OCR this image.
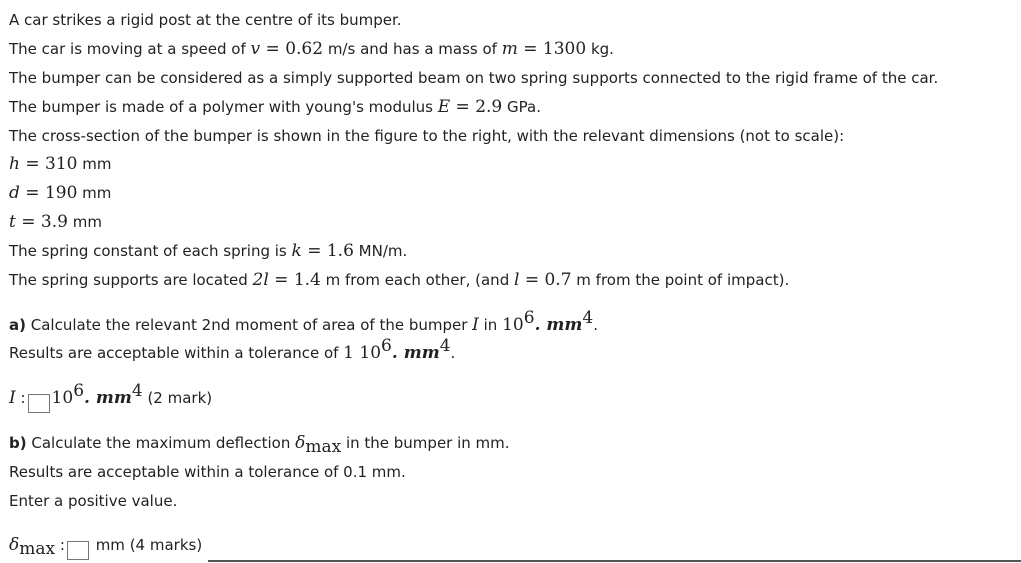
A car strikes a rigid post at the centre of its bumper.
The car is moving at a speed of v = 0.62 m/s and has a mass of m = 1300 kg.
The bumper can be considered as a simply supported beam on two spring supports connected to the rigid frame of the car.
The bumper is made of a polymer with young's modulus E = 2.9 GPa.
The cross-section of the bumper is shown in the figure to the right, with the relevant dimensions (not to scale):
h = 310 mm
d = 190 mm
t = 3.9 mm
The spring constant of each spring is k = 1.6 MN/m.
The spring supports are located 2l = 1.4 m from each other, (and l = 0.7 m from the point of impact).
a) Calculate the relevant 2nd moment of area of the bumper I in $10^6$. $mm^4$.
Results are acceptable within a tolerance of 1 $10^6$. $mm^4$.
I : $10^6$. $mm^4$ (2 mark)
b) Calculate the maximum deflection $\delta_{max}$ in the bumper in mm.
Results are acceptable within a tolerance of 0.1 mm.
Enter a positive value.
$\delta_{max}$ : mm (4 marks)
